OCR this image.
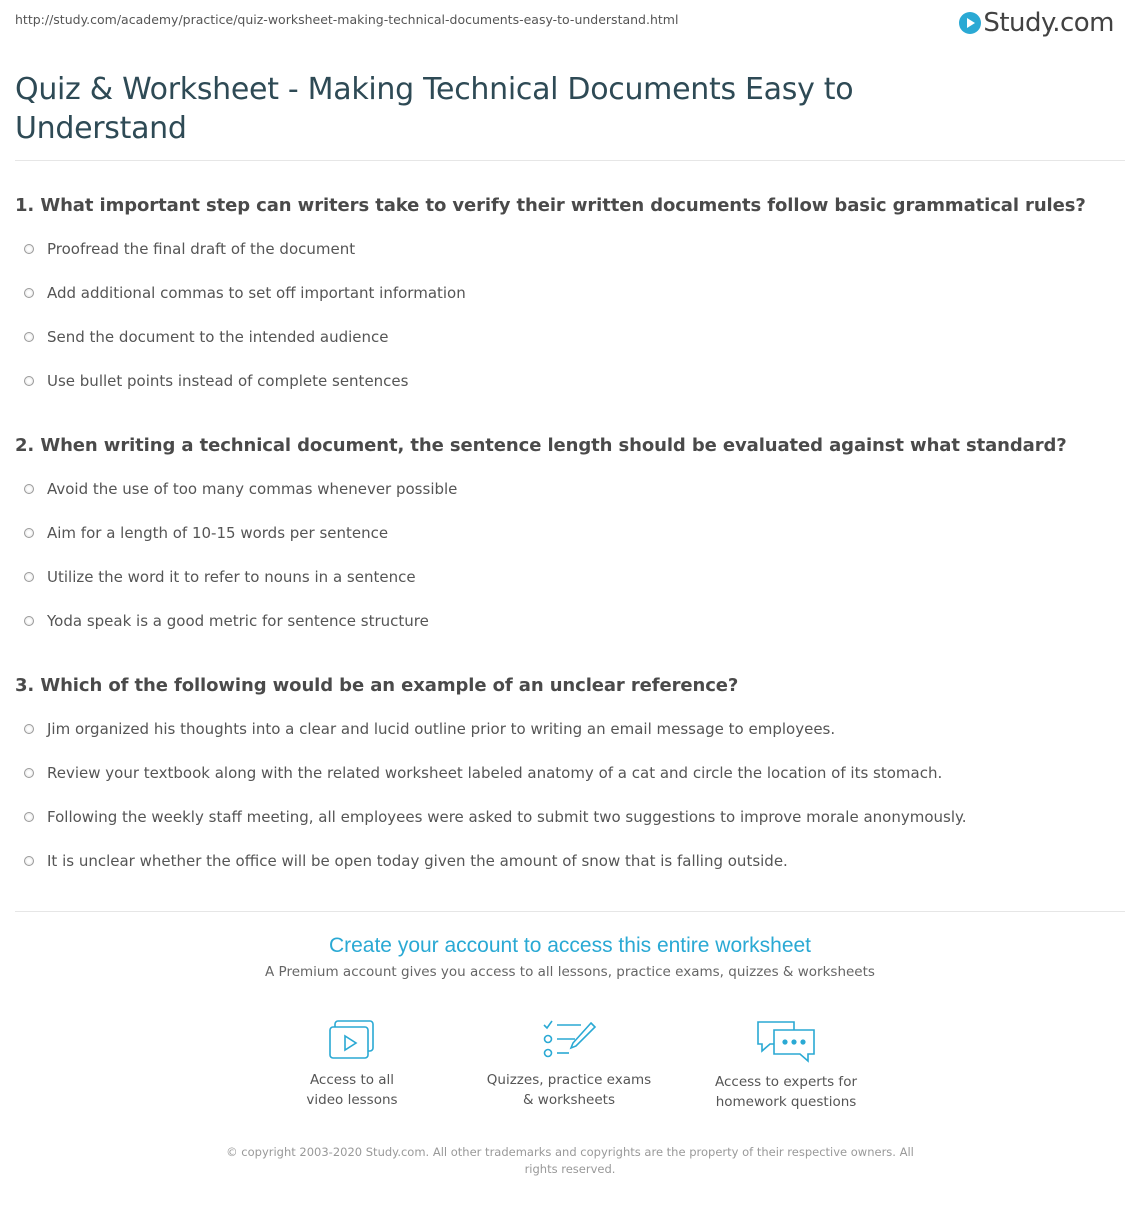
http://study.com/academy/practice/quiz-worksheet-making-technical-documents-easy-to-understand.html	Study.com
Quiz & Worksheet - Making Technical Documents Easy to Understand
1. What important step can writers take to verify their written documents follow basic grammatical rules?
Proofread the final draft of the document
Add additional commas to set off important information
Send the document to the intended audience
Use bullet points instead of complete sentences
2. When writing a technical document, the sentence length should be evaluated against what standard?
Avoid the use of too many commas whenever possible
Aim for a length of 10-15 words per sentence
Utilize the word it to refer to nouns in a sentence
Yoda speak is a good metric for sentence structure
3. Which of the following would be an example of an unclear reference?
Jim organized his thoughts into a clear and lucid outline prior to writing an email message to employees.
Review your textbook along with the related worksheet labeled anatomy of a cat and circle the location of its stomach.
Following the weekly staff meeting, all employees were asked to submit two suggestions to improve morale anonymously.
It is unclear whether the office will be open today given the amount of snow that is falling outside.
Create your account to access this entire worksheet
A Premium account gives you access to all lessons, practice exams, quizzes & worksheets
Access to all
video lessons
Quizzes, practice exams
& worksheets
Access to experts for
homework questions
© copyright 2003-2020 Study.com. All other trademarks and copyrights are the property of their respective owners. All rights reserved.
